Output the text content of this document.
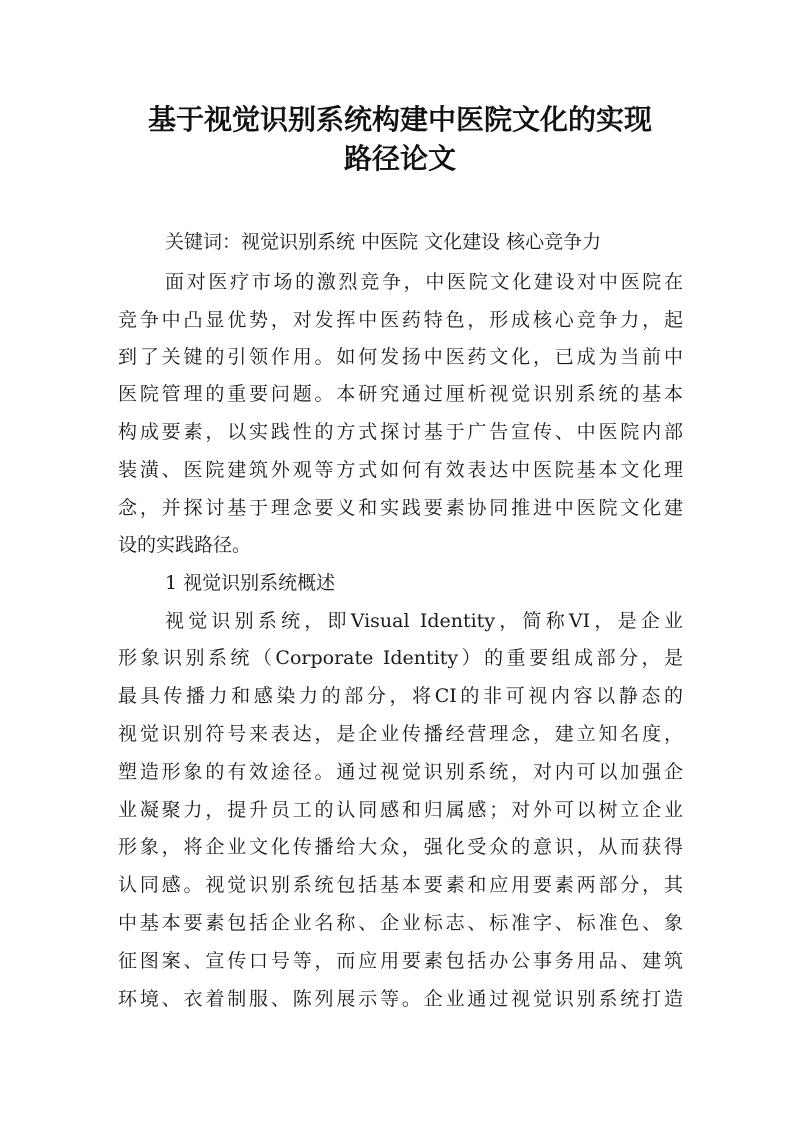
基于视觉识别系统构建中医院文化的实现
路径论文

关键词：视觉识别系统 中医院 文化建设 核心竞争力

面对医疗市场的激烈竞争，中医院文化建设对中医院在

竞争中凸显优势，对发挥中医药特色，形成核心竞争力，起

到了关键的引领作用。如何发扬中医药文化，已成为当前中

医院管理的重要问题。本研究通过厘析视觉识别系统的基本

构成要素，以实践性的方式探讨基于广告宣传、中医院内部

装潢、医院建筑外观等方式如何有效表达中医院基本文化理

念，并探讨基于理念要义和实践要素协同推进中医院文化建

设的实践路径。

1 视觉识别系统概述

视觉识别系统，即Visual Identity，简称VI，是企业

形象识别系统（Corporate Identity）的重要组成部分，是

最具传播力和感染力的部分，将CI的非可视内容以静态的

视觉识别符号来表达，是企业传播经营理念，建立知名度，

塑造形象的有效途径。通过视觉识别系统，对内可以加强企

业凝聚力，提升员工的认同感和归属感；对外可以树立企业

形象，将企业文化传播给大众，强化受众的意识，从而获得

认同感。视觉识别系统包括基本要素和应用要素两部分，其

中基本要素包括企业名称、企业标志、标准字、标准色、象

征图案、宣传口号等，而应用要素包括办公事务用品、建筑

环境、衣着制服、陈列展示等。企业通过视觉识别系统打造
